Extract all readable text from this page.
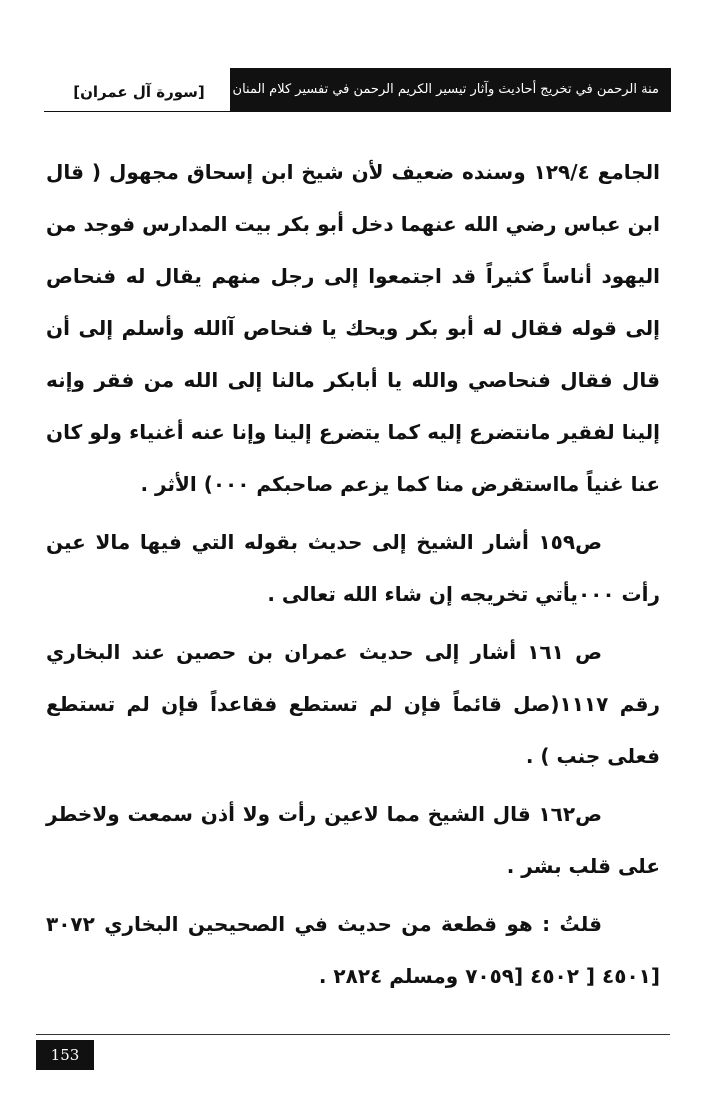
منة الرحمن في تخريج أحاديث وآثار تيسير الكريم الرحمن في تفسير كلام المنان
[سورة آل عمران]

الجامع ١٢٩/٤ وسنده ضعيف لأن شيخ ابن إسحاق مجهول ( قال ابن عباس رضي الله عنهما دخل أبو بكر بيت المدارس فوجد من اليهود أناساً كثيراً قد اجتمعوا إلى رجل منهم يقال له فنحاص إلى قوله فقال له أبو بكر ويحك يا فنحاص آالله وأسلم إلى أن قال فقال فنحاصي والله يا أبابكر مالنا إلى الله من فقر وإنه إلينا لفقير مانتضرع إليه كما يتضرع إلينا وإنا عنه أغنياء ولو كان عنا غنياً مااستقرض منا كما يزعم صاحبكم ٠٠٠) الأثر .

ص١٥٩ أشار الشيخ إلى حديث بقوله التي فيها مالا عين رأت ٠٠٠يأتي تخريجه إن شاء الله تعالى .

ص ١٦١ أشار إلى حديث عمران بن حصين عند البخاري رقم ١١١٧(صل قائماً فإن لم تستطع فقاعداً فإن لم تستطع فعلى جنب ) .

ص١٦٢ قال الشيخ مما لاعين رأت ولا أذن سمعت ولاخطر على قلب بشر .

قلتُ : هو قطعة من حديث في الصحيحين البخاري ٣٠٧٢ [٤٥٠١ [ ٤٥٠٢ [٧٠٥٩ ومسلم ٢٨٢٤ .

153
